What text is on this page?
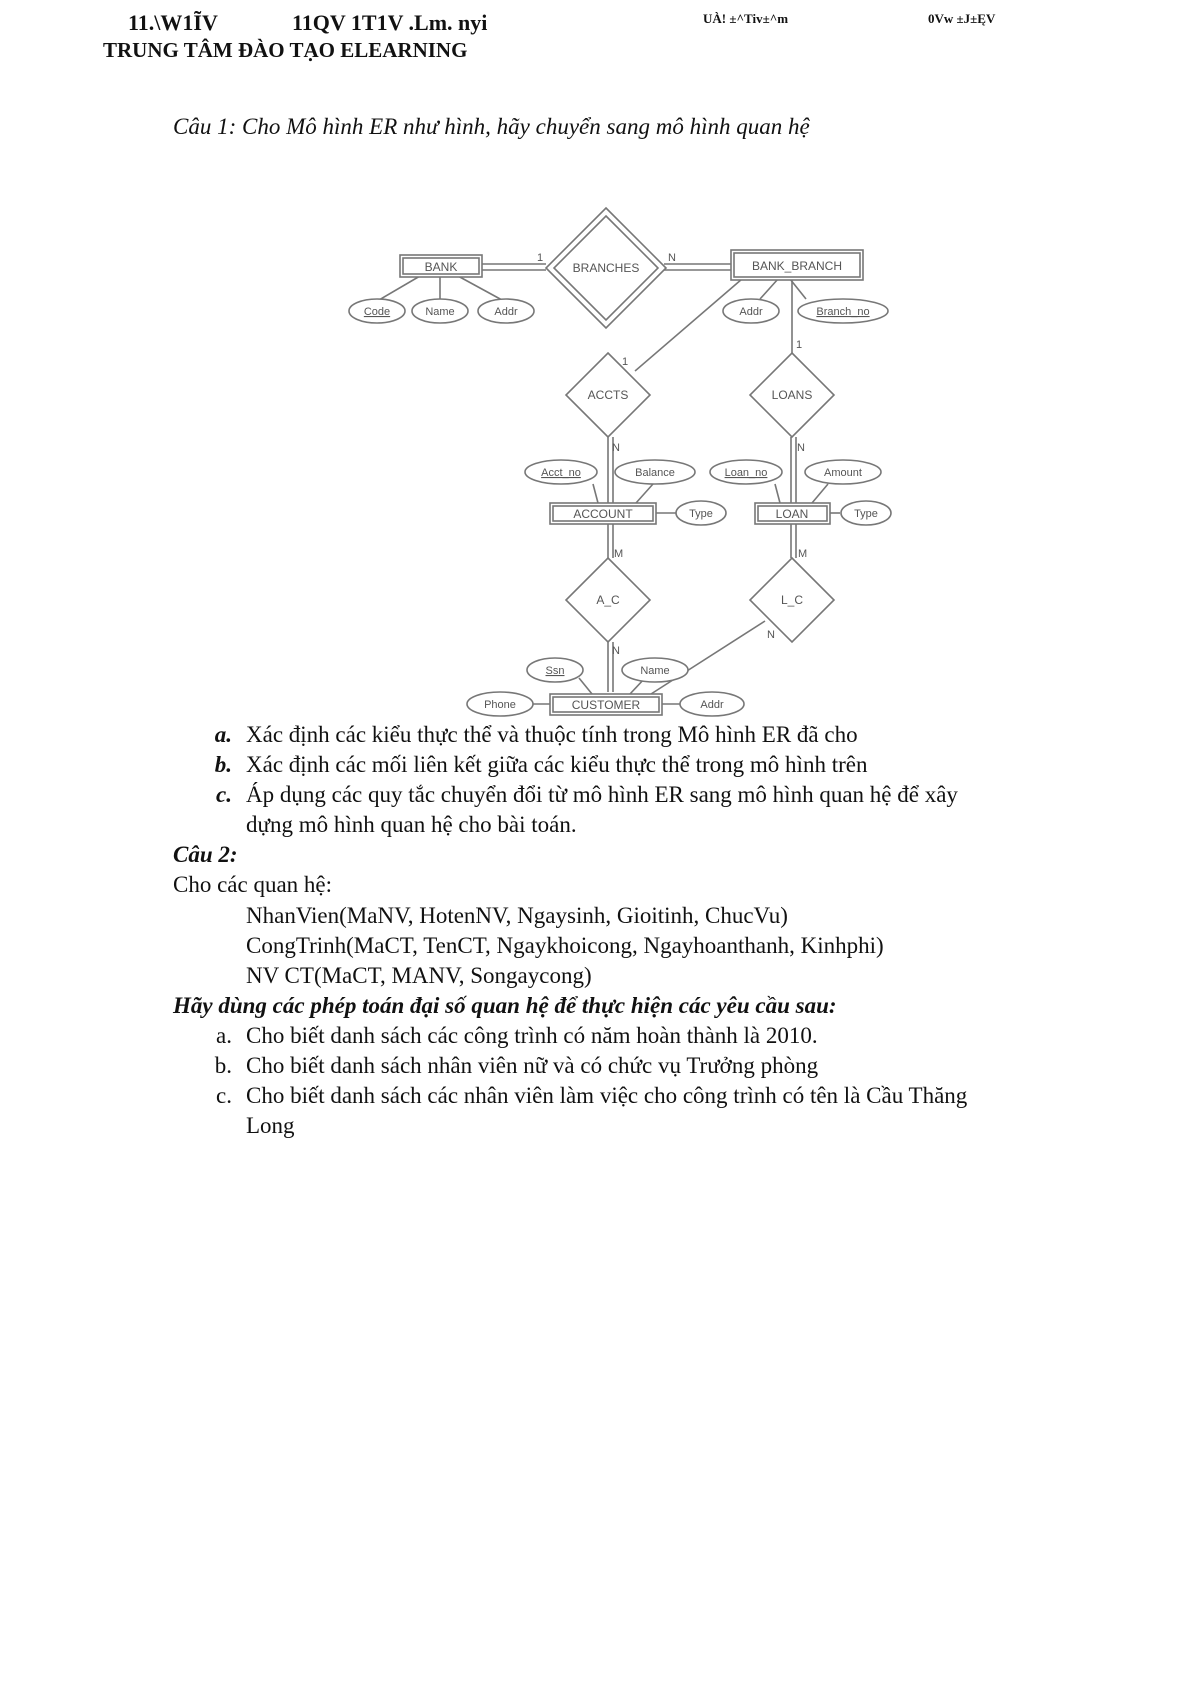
11.\W1ĨV	11QV 1T1V .Lm. nyi	UÀ! ±^Tiv±^m	0Vw ±J±ĘV
TRUNG TÂM ĐÀO TẠO ELEARNING
Câu 1: Cho Mô hình ER như hình, hãy chuyển sang mô hình quan hệ
BANK	BANK_BRANCH
ACCOUNT	LOAN
CUSTOMER
BRANCHES
ACCTS	LOANS
A_C	L_C
Code	Name	Addr	Addr	Branch_no
Acct_no	Balance
Type
Loan_no	Amount
Type
Ssn	Name
Phone	Addr
1	N
1
N
1
N
M
N
M
N
a. Xác định các kiểu thực thể và thuộc tính trong Mô hình ER đã cho
b. Xác định các mối liên kết giữa các kiểu thực thể trong mô hình trên
c. Áp dụng các quy tắc chuyển đổi từ mô hình ER sang mô hình quan hệ để xây
dựng mô hình quan hệ cho bài toán.
Câu 2:
Cho các quan hệ:
NhanVien(MaNV, HotenNV, Ngaysinh, Gioitinh, ChucVu)
CongTrinh(MaCT, TenCT, Ngaykhoicong, Ngayhoanthanh, Kinhphi)
NV CT(MaCT, MANV, Songaycong)
Hãy dùng các phép toán đại số quan hệ để thực hiện các yêu cầu sau:
a. Cho biết danh sách các công trình có năm hoàn thành là 2010.
b. Cho biết danh sách nhân viên nữ và có chức vụ Trưởng phòng
c. Cho biết danh sách các nhân viên làm việc cho công trình có tên là Cầu Thăng
Long
